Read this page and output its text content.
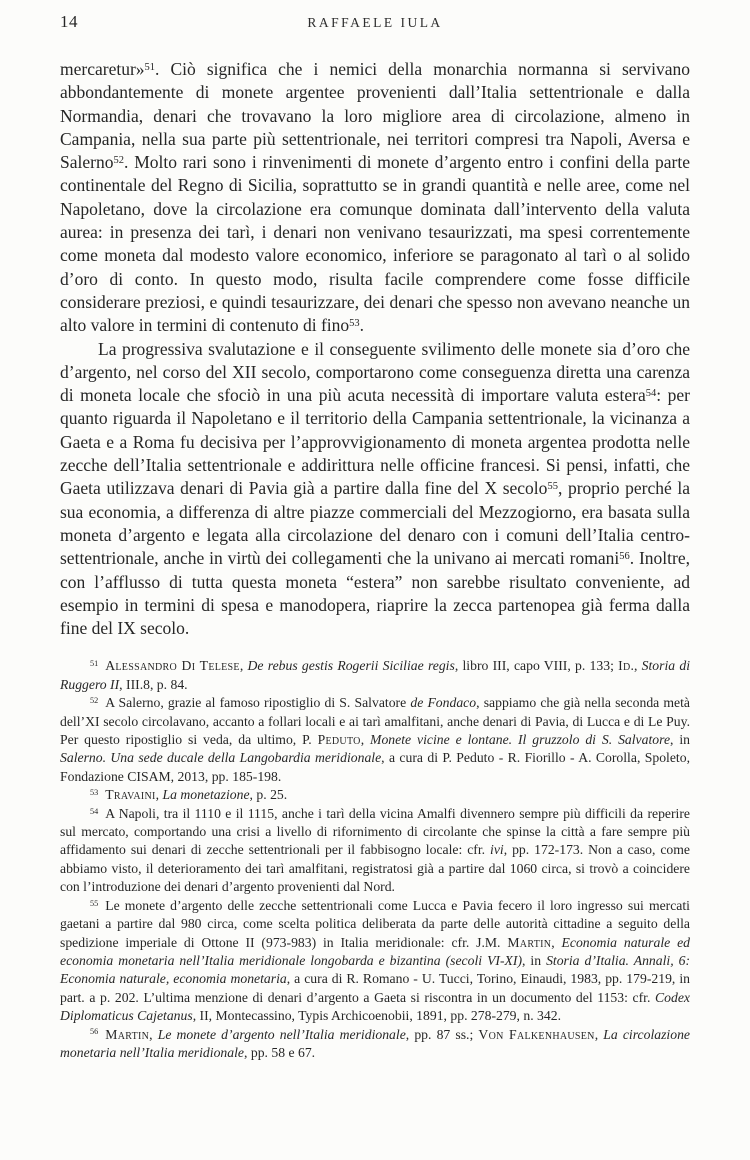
14	RAFFAELE IULA

mercaretur»$^{51}$. Ciò significa che i nemici della monarchia normanna si servivano abbondantemente di monete argentee provenienti dall’Italia settentrionale e dalla Normandia, denari che trovavano la loro migliore area di circolazione, almeno in Campania, nella sua parte più settentrionale, nei territori compresi tra Napoli, Aversa e Salerno$^{52}$. Molto rari sono i rinvenimenti di monete d’argento entro i confini della parte continentale del Regno di Sicilia, soprattutto se in grandi quantità e nelle aree, come nel Napoletano, dove la circolazione era comunque dominata dall’intervento della valuta aurea: in presenza dei tarì, i denari non venivano tesaurizzati, ma spesi correntemente come moneta dal modesto valore economico, inferiore se paragonato al tarì o al solido d’oro di conto. In questo modo, risulta facile comprendere come fosse difficile considerare preziosi, e quindi tesaurizzare, dei denari che spesso non avevano neanche un alto valore in termini di contenuto di fino$^{53}$.

La progressiva svalutazione e il conseguente svilimento delle monete sia d’oro che d’argento, nel corso del XII secolo, comportarono come conseguenza diretta una carenza di moneta locale che sfociò in una più acuta necessità di importare valuta estera$^{54}$: per quanto riguarda il Napoletano e il territorio della Campania settentrionale, la vicinanza a Gaeta e a Roma fu decisiva per l’approvvigionamento di moneta argentea prodotta nelle zecche dell’Italia settentrionale e addirittura nelle officine francesi. Si pensi, infatti, che Gaeta utilizzava denari di Pavia già a partire dalla fine del X secolo$^{55}$, proprio perché la sua economia, a differenza di altre piazze commerciali del Mezzogiorno, era basata sulla moneta d’argento e legata alla circolazione del denaro con i comuni dell’Italia centro-settentrionale, anche in virtù dei collegamenti che la univano ai mercati romani$^{56}$. Inoltre, con l’afflusso di tutta questa moneta “estera” non sarebbe risultato conveniente, ad esempio in termini di spesa e manodopera, riaprire la zecca partenopea già ferma dalla fine del IX secolo.

$^{51}$ Alessandro Di Telese, De rebus gestis Rogerii Siciliae regis, libro III, capo VIII, p. 133; Id., Storia di Ruggero II, III.8, p. 84.

$^{52}$ A Salerno, grazie al famoso ripostiglio di S. Salvatore de Fondaco, sappiamo che già nella seconda metà dell’XI secolo circolavano, accanto a follari locali e ai tarì amalfitani, anche denari di Pavia, di Lucca e di Le Puy. Per questo ripostiglio si veda, da ultimo, P. Peduto, Monete vicine e lontane. Il gruzzolo di S. Salvatore, in Salerno. Una sede ducale della Langobardia meridionale, a cura di P. Peduto - R. Fiorillo - A. Corolla, Spoleto, Fondazione CISAM, 2013, pp. 185-198.

$^{53}$ Travaini, La monetazione, p. 25.

$^{54}$ A Napoli, tra il 1110 e il 1115, anche i tarì della vicina Amalfi divennero sempre più difficili da reperire sul mercato, comportando una crisi a livello di rifornimento di circolante che spinse la città a fare sempre più affidamento sui denari di zecche settentrionali per il fabbisogno locale: cfr. ivi, pp. 172-173. Non a caso, come abbiamo visto, il deterioramento dei tarì amalfitani, registratosi già a partire dal 1060 circa, si trovò a coincidere con l’introduzione dei denari d’argento provenienti dal Nord.

$^{55}$ Le monete d’argento delle zecche settentrionali come Lucca e Pavia fecero il loro ingresso sui mercati gaetani a partire dal 980 circa, come scelta politica deliberata da parte delle autorità cittadine a seguito della spedizione imperiale di Ottone II (973-983) in Italia meridionale: cfr. J.M. Martin, Economia naturale ed economia monetaria nell’Italia meridionale longobarda e bizantina (secoli VI-XI), in Storia d’Italia. Annali, 6: Economia naturale, economia monetaria, a cura di R. Romano - U. Tucci, Torino, Einaudi, 1983, pp. 179-219, in part. a p. 202. L’ultima menzione di denari d’argento a Gaeta si riscontra in un documento del 1153: cfr. Codex Diplomaticus Cajetanus, II, Montecassino, Typis Archicoenobii, 1891, pp. 278-279, n. 342.

$^{56}$ Martin, Le monete d’argento nell’Italia meridionale, pp. 87 ss.; Von Falkenhausen, La circolazione monetaria nell’Italia meridionale, pp. 58 e 67.
